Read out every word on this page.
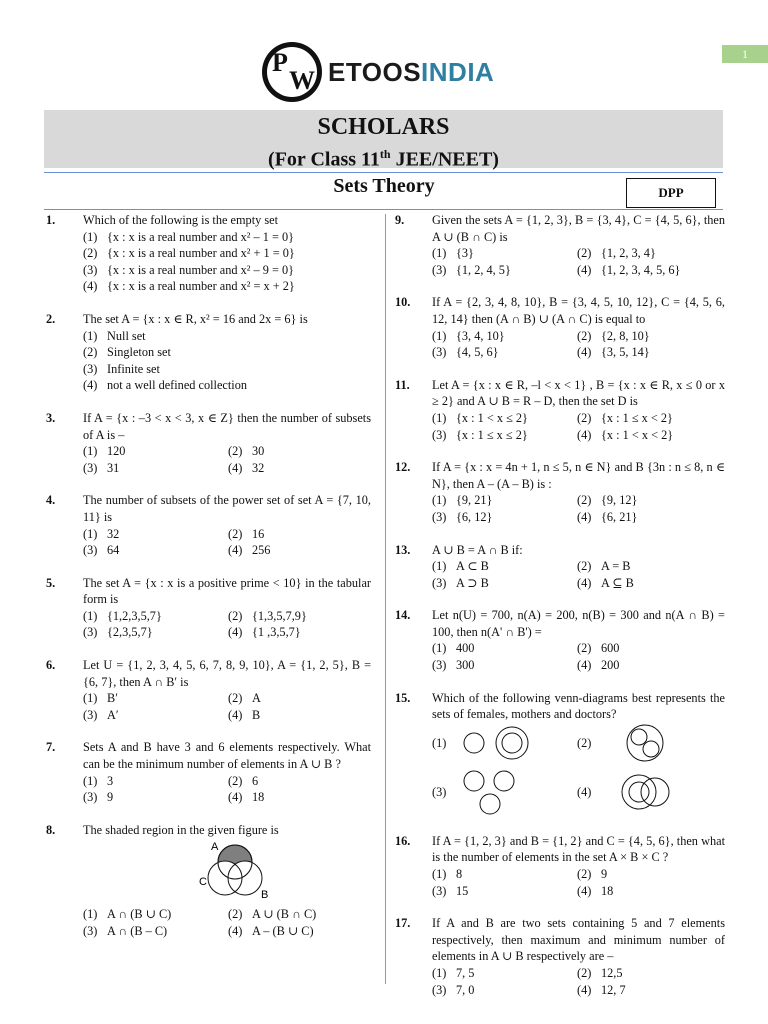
1
P
W ETOOSINDIA
SCHOLARS
(For Class 11th JEE/NEET)
Sets Theory	DPP
1.	Which of the following is the empty set
(1) {x : x is a real number and x² – 1 = 0}
(2) {x : x is a real number and x² + 1 = 0}
(3) {x : x is a real number and x² – 9 = 0}
(4) {x : x is a real number and x² = x + 2}
2.	The set A = {x : x ∈ R, x² = 16 and 2x = 6} is
(1) Null set
(2) Singleton set
(3) Infinite set
(4) not a well defined collection
3.	If A = {x : –3 < x < 3, x ∈ Z} then the number of subsets of A is –
(1) 120	(2) 30
(3) 31	(4) 32
4.	The number of subsets of the power set of set A = {7, 10, 11} is
(1) 32	(2) 16
(3) 64	(4) 256
5.	The set A = {x : x is a positive prime < 10} in the tabular form is
(1) {1,2,3,5,7}	(2) {1,3,5,7,9}
(3) {2,3,5,7}	(4) {1 ,3,5,7}
6.	Let U = {1, 2, 3, 4, 5, 6, 7, 8, 9, 10}, A = {1, 2, 5}, B = {6, 7}, then A ∩ B′ is
(1) B′	(2) A
(3) A′	(4) B
7.	Sets A and B have 3 and 6 elements respectively. What can be the minimum number of elements in A ∪ B ?
(1) 3	(2) 6
(3) 9	(4) 18
8.	The shaded region in the given figure is
A
C
B
(1) A ∩ (B ∪ C)	(2) A ∪ (B ∩ C)
(3) A ∩ (B – C)	(4) A – (B ∪ C)
9.	Given the sets A = {1, 2, 3}, B = {3, 4}, C = {4, 5, 6}, then A ∪ (B ∩ C) is
(1) {3}	(2) {1, 2, 3, 4}
(3) {1, 2, 4, 5}	(4) {1, 2, 3, 4, 5, 6}
10.	If A = {2, 3, 4, 8, 10}, B = {3, 4, 5, 10, 12}, C = {4, 5, 6, 12, 14} then (A ∩ B) ∪ (A ∩ C) is equal to
(1) {3, 4, 10}	(2) {2, 8, 10}
(3) {4, 5, 6}	(4) {3, 5, 14}
11.	Let A = {x : x ∈ R, –l < x < 1} , B = {x : x ∈ R, x ≤ 0 or x ≥ 2} and A ∪ B = R – D, then the set D is
(1) {x : 1 < x ≤ 2}	(2) {x : 1 ≤ x < 2}
(3) {x : 1 ≤ x ≤ 2}	(4) {x : 1 < x < 2}
12.	If A = {x : x = 4n + 1, n ≤ 5, n ∈ N} and B {3n : n ≤ 8, n ∈ N}, then A – (A – B) is :
(1) {9, 21}	(2) {9, 12}
(3) {6, 12}	(4) {6, 21}
13.	A ∪ B = A ∩ B if:
(1) A ⊂ B	(2) A = B
(3) A ⊃ B	(4) A ⊆ B
14.	Let n(U) = 700, n(A) = 200, n(B) = 300 and n(A ∩ B) = 100, then n(A' ∩ B') =
(1) 400	(2) 600
(3) 300	(4) 200
15.	Which of the following venn-diagrams best represents the sets of females, mothers and doctors?
(1)	(2)
(3)	(4)
16.	If A = {1, 2, 3} and B = {1, 2} and C = {4, 5, 6}, then what is the number of elements in the set A × B × C ?
(1) 8	(2) 9
(3) 15	(4) 18
17.	If A and B are two sets containing 5 and 7 elements respectively, then maximum and minimum number of elements in A ∪ B respectively are –
(1) 7, 5	(2) 12,5
(3) 7, 0	(4) 12, 7
